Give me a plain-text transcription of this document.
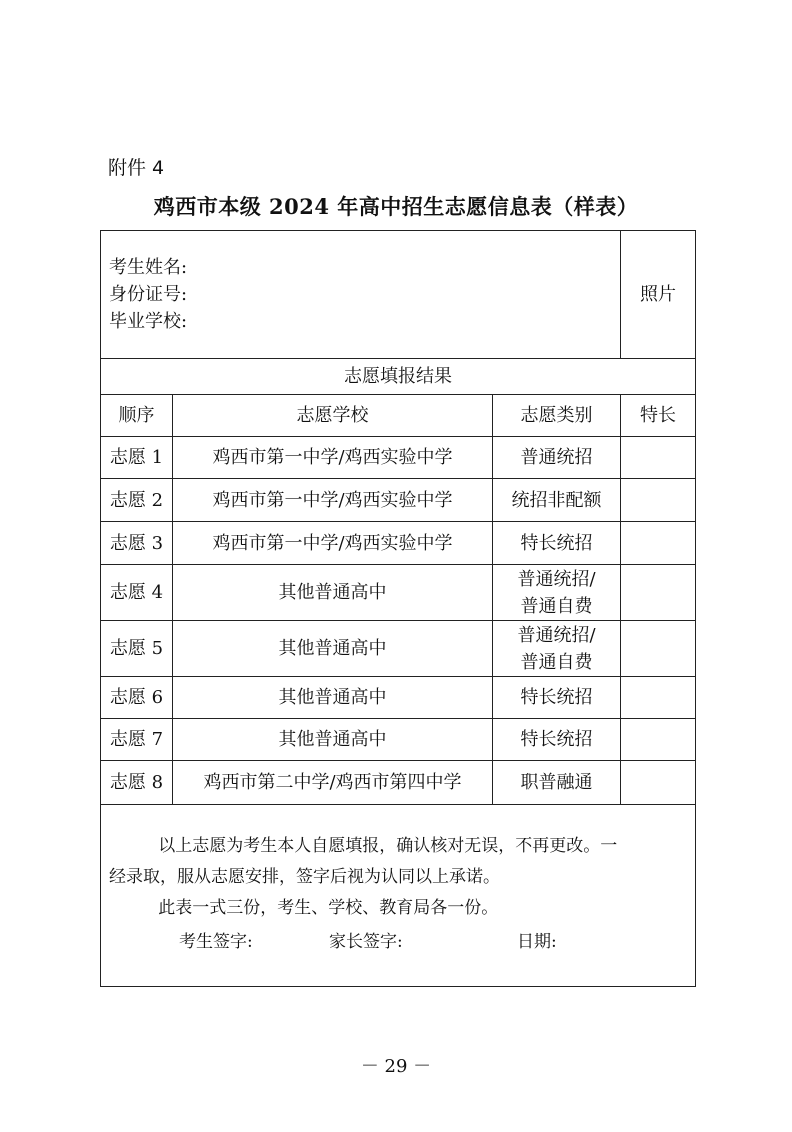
附件 4
鸡西市本级 2024 年高中招生志愿信息表（样表）
考生姓名:
身份证号:
毕业学校:			照片
志愿填报结果			
顺序	志愿学校	志愿类别	特长
志愿 1	鸡西市第一中学/鸡西实验中学	普通统招	

志愿 2	鸡西市第一中学/鸡西实验中学	统招非配额	

志愿 3	鸡西市第一中学/鸡西实验中学	特长统招	

志愿 4	其他普通高中	普通统招/
普通自费	

志愿 5	其他普通高中	普通统招/
普通自费	

志愿 6	其他普通高中	特长统招	

志愿 7	其他普通高中	特长统招	

志愿 8	鸡西市第二中学/鸡西市第四中学	职普融通	

以上志愿为考生本人自愿填报，确认核对无误，不再更改。一
经录取，服从志愿安排，签字后视为认同以上承诺。
此表一式三份，考生、学校、教育局各一份。
考生签字: 家长签字: 日期:			
－ 29 －
